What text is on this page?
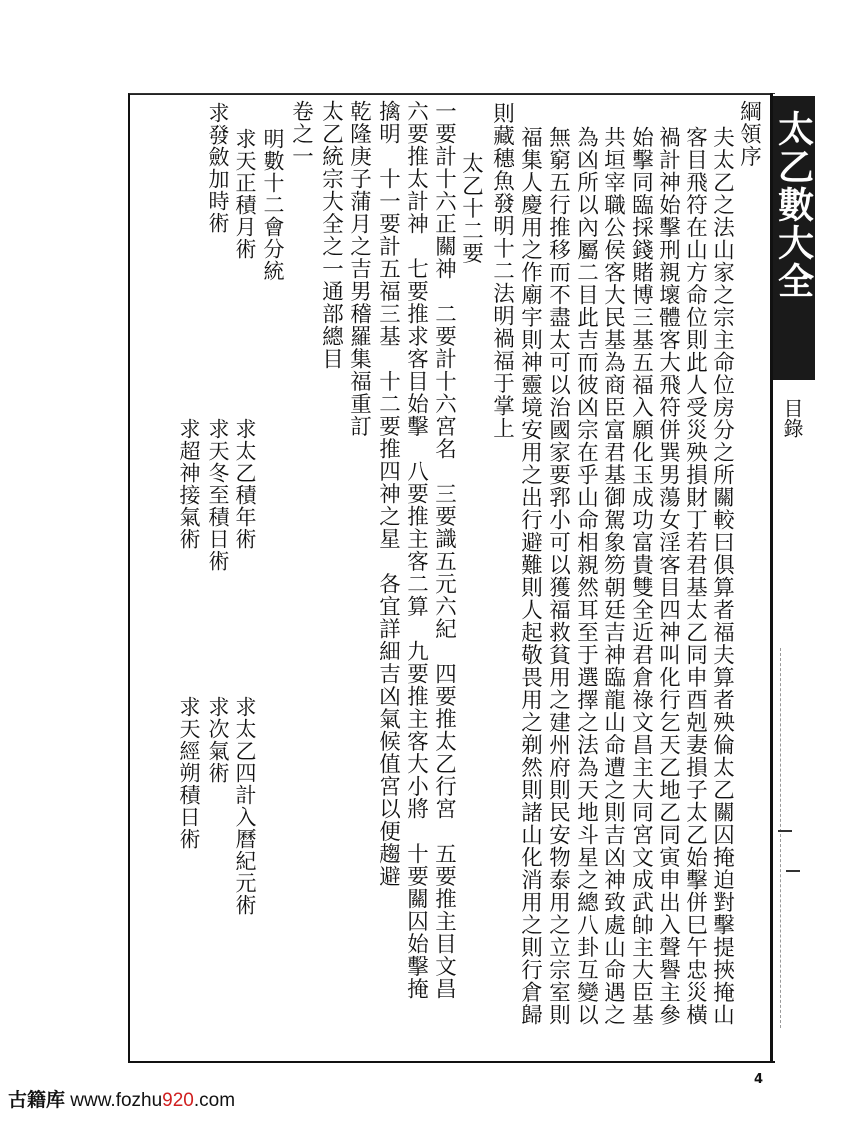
太乙數大全
目錄
綱領序
夫太乙之法山家之宗主命位房分之所關較曰俱算者福夫算者殃倫太乙關囚掩迫對擊提挾掩山
客目飛符在山方命位則此人受災殃損財丁若君基太乙同申酉剋妻損子太乙始擊併巳午忠災橫
禍計神始擊刑親壞體客大飛符併巽男蕩女淫客目四神叫化行乞天乙地乙同寅申出入聲譽主參
始擊同臨採錢賭博三基五福入願化玉成功富貴雙全近君倉祿文昌主大同宮文成武帥主大臣基
共垣宰職公侯客大民基為商臣富君基御駕象笏朝廷吉神臨龍山命遭之則吉凶神致處山命遇之
為凶所以內屬二目此吉而彼凶宗在乎山命相親然耳至于選擇之法為天地斗星之總八卦互變以
無窮五行推移而不盡太可以治國家要郛小可以獲福救貧用之建州府則民安物泰用之立宗室則
福集人慶用之作廟宇則神靈境安用之出行避難則人起敬畏用之剃然則諸山化消用之則行倉歸
則藏穗魚發明十二法明禍福于掌上
太乙十二要
一要計十六正關神　二要計十六宮名　三要識五元六紀　四要推太乙行宮　五要推主目文昌
六要推太計神　七要推求客目始擊　八要推主客二算　九要推主客大小將　十要關囚始擊掩
擒明　十一要計五福三基　十二要推四神之星　各宜詳細吉凶氣候值宮以便趨避
乾隆庚子蒲月之吉男稽羅集福重訂
太乙統宗大全之一通部總目
卷之一
明數十二會分統
求天正積月術
求太乙積年術
求太乙四計入曆紀元術
求發斂加時術
求天冬至積日術
求次氣術
求超神接氣術
求天經朔積日術
4
古籍库 www.fozhu920.com
